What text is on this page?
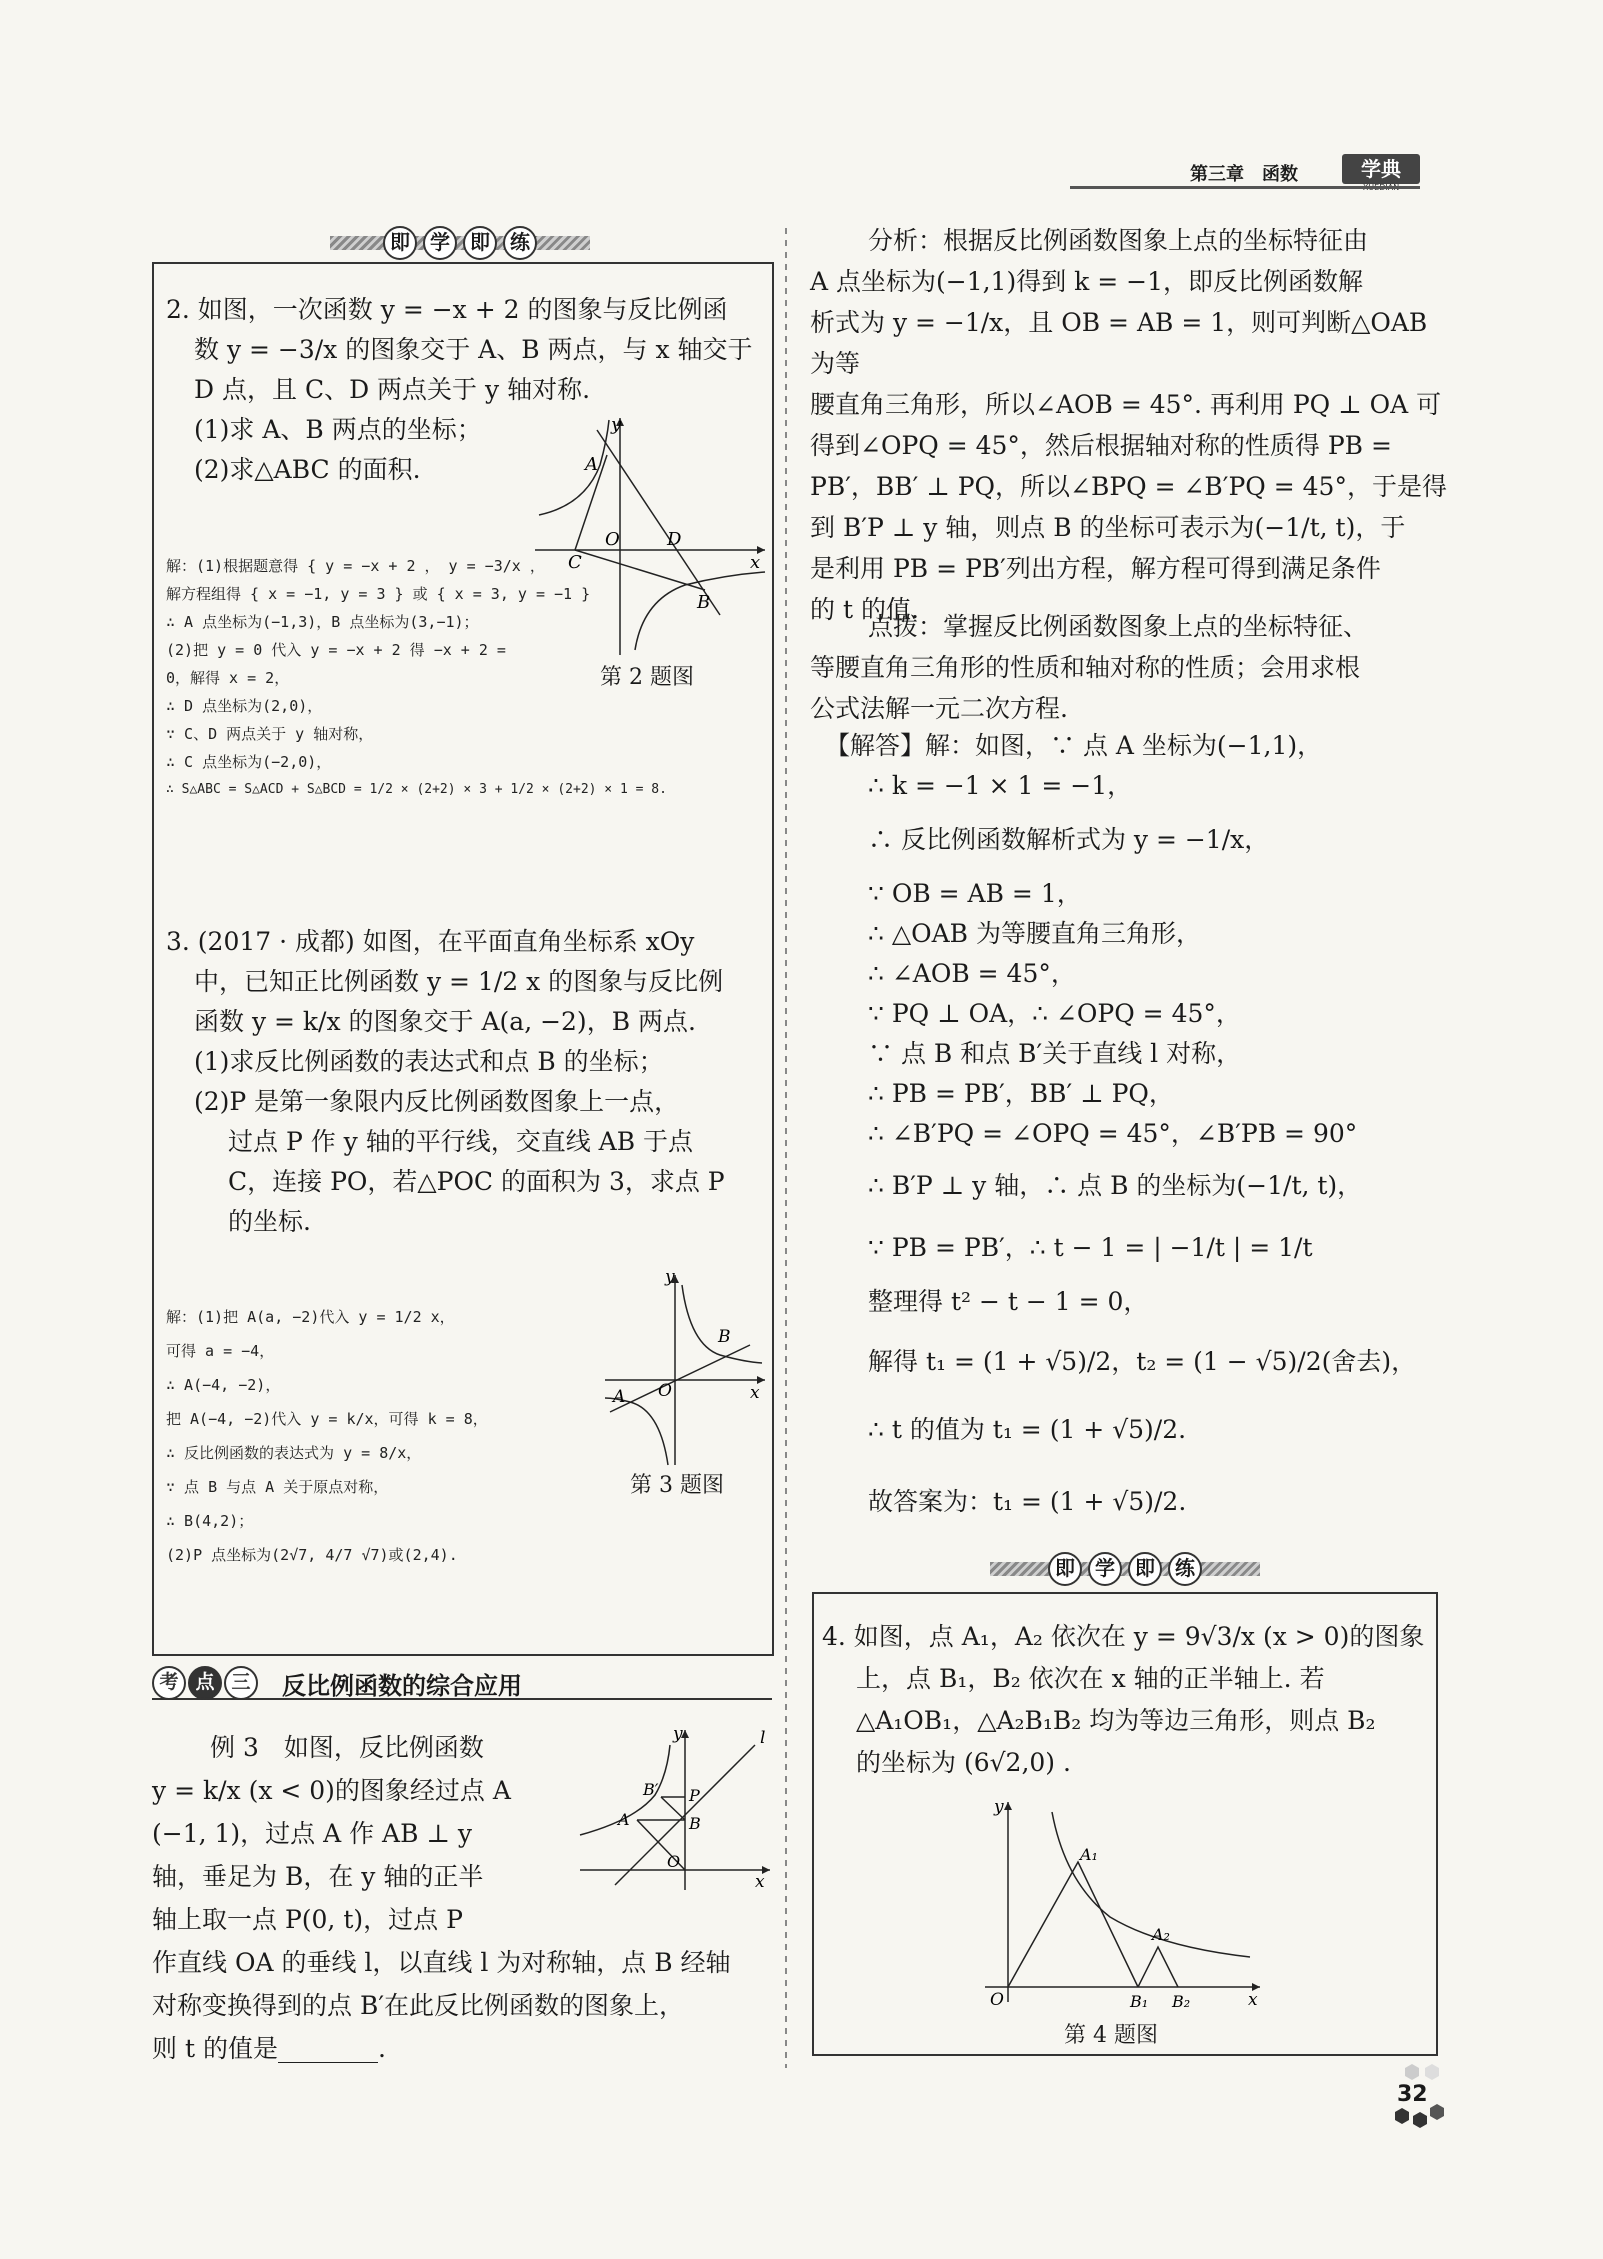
第三章　函数	学典
即	学	即	练
2. 如图，一次函数 y = −x + 2 的图象与反比例函
数 y = −3/x 的图象交于 A、B 两点，与 x 轴交于
D 点，且 C、D 两点关于 y 轴对称.
(1)求 A、B 两点的坐标；
(2)求△ABC 的面积.
解：(1)根据题意得 { y = −x + 2 ， y = −3/x ，
解方程组得 { x = −1, y = 3 } 或 { x = 3, y = −1 }
∴ A 点坐标为(−1,3)，B 点坐标为(3,−1)；
(2)把 y = 0 代入 y = −x + 2 得 −x + 2 =
0，解得 x = 2，
∴ D 点坐标为(2,0)，
∵ C、D 两点关于 y 轴对称，
∴ C 点坐标为(−2,0)，
∴ S△ABC = S△ACD + S△BCD = 1/2 × (2+2) × 3 + 1/2 × (2+2) × 1 = 8.
y
x
A
O	D
C
B
第 2 题图
3. (2017 · 成都) 如图，在平面直角坐标系 xOy
中，已知正比例函数 y = 1/2 x 的图象与反比例
函数 y = k/x 的图象交于 A(a, −2)，B 两点.
(1)求反比例函数的表达式和点 B 的坐标；
(2)P 是第一象限内反比例函数图象上一点，
过点 P 作 y 轴的平行线，交直线 AB 于点
C，连接 PO，若△POC 的面积为 3，求点 P
的坐标.
解：(1)把 A(a, −2)代入 y = 1/2 x，
可得 a = −4，
∴ A(−4, −2)，
把 A(−4, −2)代入 y = k/x，可得 k = 8，
∴ 反比例函数的表达式为 y = 8/x，
∵ 点 B 与点 A 关于原点对称，
∴ B(4,2)；
(2)P 点坐标为(2√7, 4/7 √7)或(2,4).
y
x
B
A O
第 3 题图
考 点 三	反比例函数的综合应用
例 3　如图，反比例函数
y = k/x (x < 0)的图象经过点 A
(−1, 1)，过点 A 作 AB ⊥ y
轴，垂足为 B，在 y 轴的正半
轴上取一点 P(0, t)，过点 P
作直线 OA 的垂线 l，以直线 l 为对称轴，点 B 经轴
对称变换得到的点 B′在此反比例函数的图象上，
则 t 的值是________.
l
y
x
B′ P
A	B
O
分析：根据反比例函数图象上点的坐标特征由
A 点坐标为(−1,1)得到 k = −1，即反比例函数解
析式为 y = −1/x，且 OB = AB = 1，则可判断△OAB 为等
腰直角三角形，所以∠AOB = 45°. 再利用 PQ ⊥ OA 可
得到∠OPQ = 45°，然后根据轴对称的性质得 PB =
PB′，BB′ ⊥ PQ，所以∠BPQ = ∠B′PQ = 45°，于是得
到 B′P ⊥ y 轴，则点 B 的坐标可表示为(−1/t, t)，于
是利用 PB = PB′列出方程，解方程可得到满足条件
的 t 的值.
点拨：掌握反比例函数图象上点的坐标特征、
等腰直角三角形的性质和轴对称的性质；会用求根
公式法解一元二次方程.
【解答】解：如图，∵ 点 A 坐标为(−1,1)，
∴ k = −1 × 1 = −1，
∴ 反比例函数解析式为 y = −1/x，
∵ OB = AB = 1，
∴ △OAB 为等腰直角三角形，
∴ ∠AOB = 45°，
∵ PQ ⊥ OA，∴ ∠OPQ = 45°，
∵ 点 B 和点 B′关于直线 l 对称，
∴ PB = PB′，BB′ ⊥ PQ，
∴ ∠B′PQ = ∠OPQ = 45°，∠B′PB = 90°
∴ B′P ⊥ y 轴，∴ 点 B 的坐标为(−1/t, t)，
∵ PB = PB′，∴ t − 1 = | −1/t | = 1/t
整理得 t² − t − 1 = 0，
解得 t₁ = (1 + √5)/2，t₂ = (1 − √5)/2(舍去)，
∴ t 的值为 t₁ = (1 + √5)/2.
故答案为：t₁ = (1 + √5)/2.
即	学	即	练
4. 如图，点 A₁，A₂ 依次在 y = 9√3/x (x > 0)的图象
上，点 B₁，B₂ 依次在 x 轴的正半轴上. 若
△A₁OB₁，△A₂B₁B₂ 均为等边三角形，则点 B₂
的坐标为 (6√2,0) .
y
x
O
A₁
A₂
B₁ B₂
第 4 题图
32
